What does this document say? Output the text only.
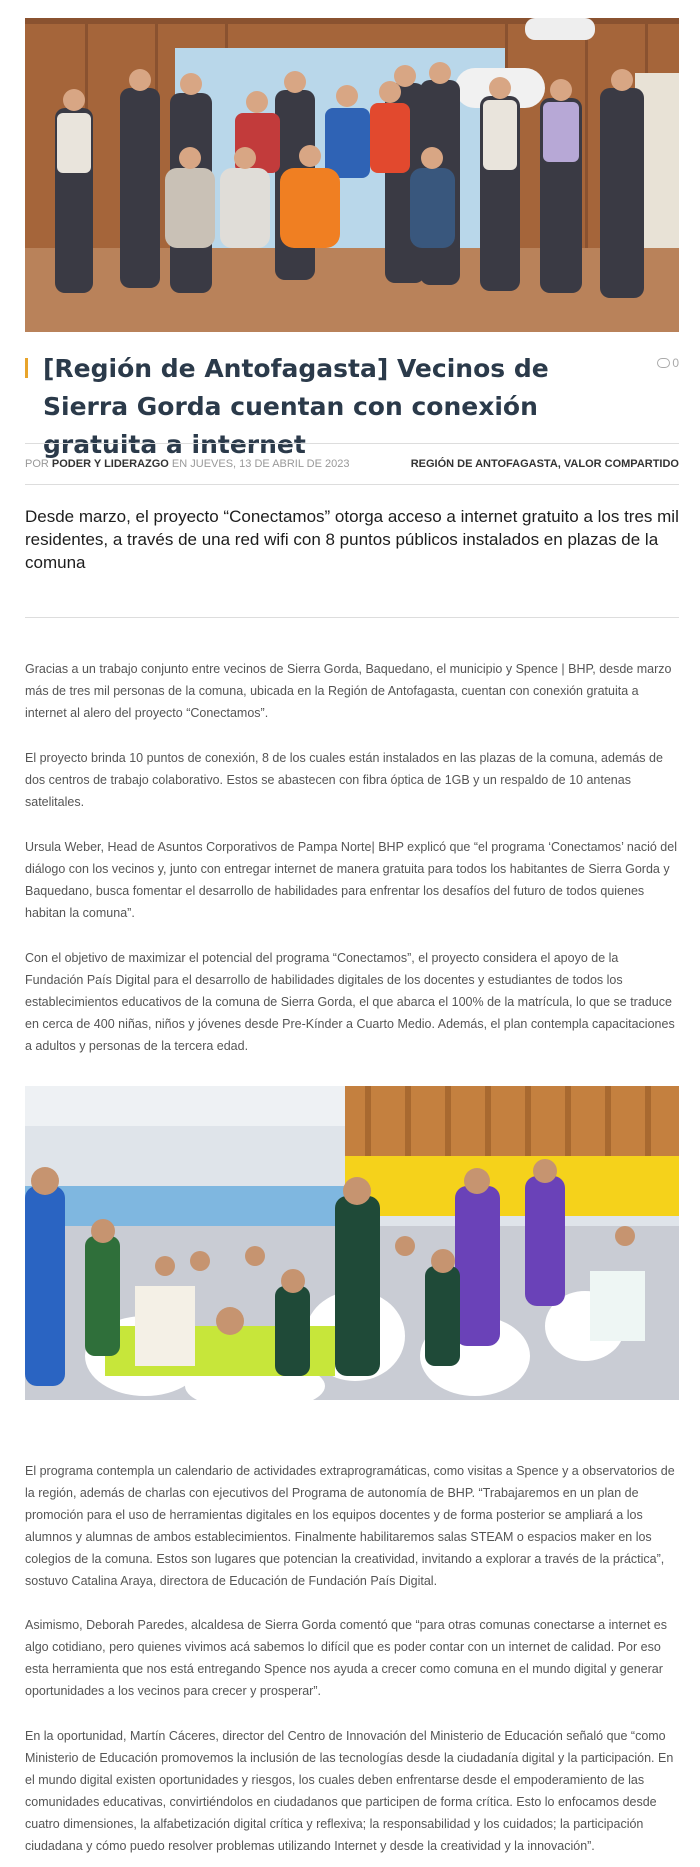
[Región de Antofagasta] Vecinos de Sierra Gorda cuentan con conexión gratuita a internet
0
POR PODER Y LIDERAZGO EN JUEVES, 13 DE ABRIL DE 2023	REGIÓN DE ANTOFAGASTA, VALOR COMPARTIDO

Desde marzo, el proyecto “Conectamos” otorga acceso a internet gratuito a los tres mil residentes, a través de una red wifi con 8 puntos públicos instalados en plazas de la comuna

Gracias a un trabajo conjunto entre vecinos de Sierra Gorda, Baquedano, el municipio y Spence | BHP, desde marzo más de tres mil personas de la comuna, ubicada en la Región de Antofagasta, cuentan con conexión gratuita a internet al alero del proyecto “Conectamos”.

El proyecto brinda 10 puntos de conexión, 8 de los cuales están instalados en las plazas de la comuna, además de dos centros de trabajo colaborativo. Estos se abastecen con fibra óptica de 1GB y un respaldo de 10 antenas satelitales.

Ursula Weber, Head de Asuntos Corporativos de Pampa Norte| BHP explicó que “el programa ‘Conectamos’ nació del diálogo con los vecinos y, junto con entregar internet de manera gratuita para todos los habitantes de Sierra Gorda y Baquedano, busca fomentar el desarrollo de habilidades para enfrentar los desafíos del futuro de todos quienes habitan la comuna”.

Con el objetivo de maximizar el potencial del programa “Conectamos”, el proyecto considera el apoyo de la Fundación País Digital para el desarrollo de habilidades digitales de los docentes y estudiantes de todos los establecimientos educativos de la comuna de Sierra Gorda, el que abarca el 100% de la matrícula, lo que se traduce en cerca de 400 niñas, niños y jóvenes desde Pre-Kínder a Cuarto Medio. Además, el plan contempla capacitaciones a adultos y personas de la tercera edad.

El programa contempla un calendario de actividades extraprogramáticas, como visitas a Spence y a observatorios de la región, además de charlas con ejecutivos del Programa de autonomía de BHP. “Trabajaremos en un plan de promoción para el uso de herramientas digitales en los equipos docentes y de forma posterior se ampliará a los alumnos y alumnas de ambos establecimientos. Finalmente habilitaremos salas STEAM o espacios maker en los colegios de la comuna. Estos son lugares que potencian la creatividad, invitando a explorar a través de la práctica”, sostuvo Catalina Araya, directora de Educación de Fundación País Digital.

Asimismo, Deborah Paredes, alcaldesa de Sierra Gorda comentó que “para otras comunas conectarse a internet es algo cotidiano, pero quienes vivimos acá sabemos lo difícil que es poder contar con un internet de calidad. Por eso esta herramienta que nos está entregando Spence nos ayuda a crecer como comuna en el mundo digital y generar oportunidades a los vecinos para crecer y prosperar”.

En la oportunidad, Martín Cáceres, director del Centro de Innovación del Ministerio de Educación señaló que “como Ministerio de Educación promovemos la inclusión de las tecnologías desde la ciudadanía digital y la participación. En el mundo digital existen oportunidades y riesgos, los cuales deben enfrentarse desde el empoderamiento de las comunidades educativas, convirtiéndolos en ciudadanos que participen de forma crítica. Esto lo enfocamos desde cuatro dimensiones, la alfabetización digital crítica y reflexiva; la responsabilidad y los cuidados; la participación ciudadana y cómo puedo resolver problemas utilizando Internet y desde la creatividad y la innovación”.
